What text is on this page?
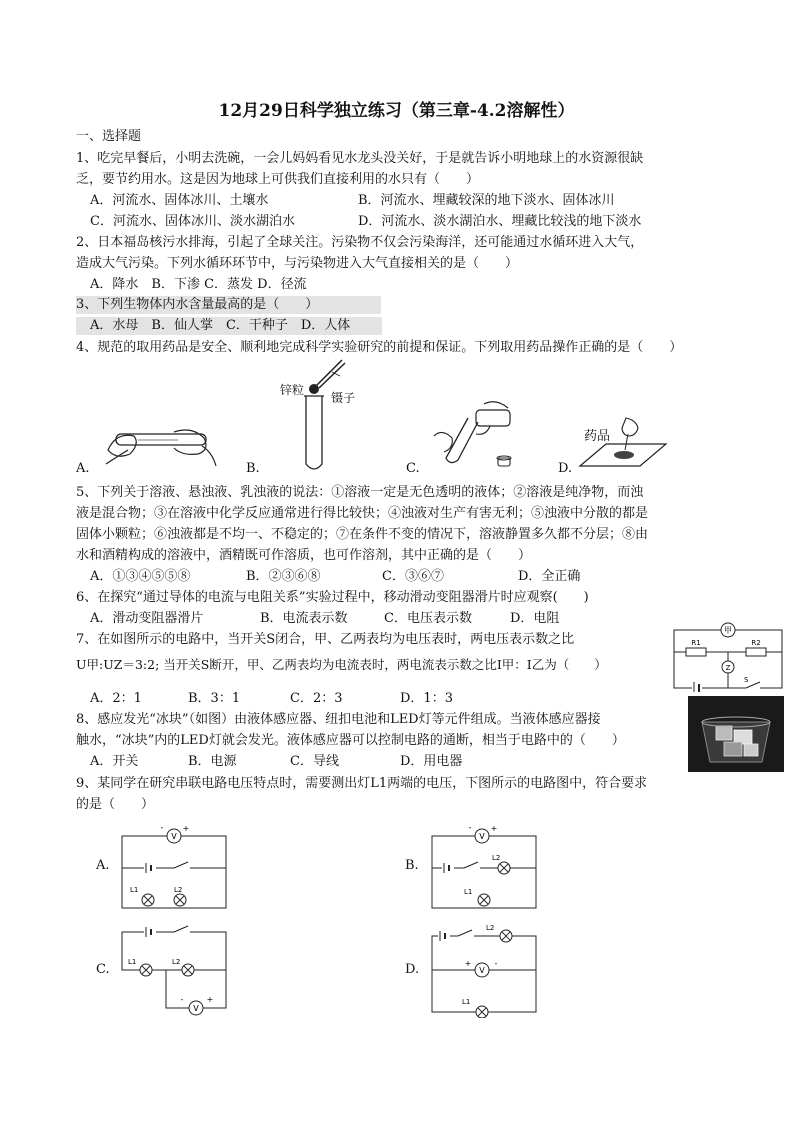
12月29日科学独立练习（第三章-4.2溶解性）
一、选择题
1、吃完早餐后，小明去洗碗，一会儿妈妈看见水龙头没关好，于是就告诉小明地球上的水资源很缺
乏，要节约用水。这是因为地球上可供我们直接利用的水只有（　　）
A．河流水、固体冰川、土壤水	B．河流水、埋藏较深的地下淡水、固体冰川
C．河流水、固体冰川、淡水湖泊水	D．河流水、淡水湖泊水、埋藏比较浅的地下淡水
2、日本福岛核污水排海，引起了全球关注。污染物不仅会污染海洋，还可能通过水循环进入大气，
造成大气污染。下列水循环环节中，与污染物进入大气直接相关的是（　　）
A．降水　B．下渗 C．蒸发 D．径流
3、下列生物体内水含量最高的是（　　）
A．水母　B．仙人掌　C．干种子　D．人体
4、规范的取用药品是安全、顺利地完成科学实验研究的前提和保证。下列取用药品操作正确的是（　　）
A.	B.	C.	D.
锌粒
镊子
药品
5、下列关于溶液、悬浊液、乳浊液的说法：①溶液一定是无色透明的液体；②溶液是纯净物，而浊
液是混合物；③在溶液中化学反应通常进行得比较快；④浊液对生产有害无利；⑤浊液中分散的都是
固体小颗粒；⑥浊液都是不均一、不稳定的；⑦在条件不变的情况下，溶液静置多久都不分层；⑧由
水和酒精构成的溶液中，酒精既可作溶质，也可作溶剂，其中正确的是（　　）
A．①③④⑤⑤⑧	B．②③⑥⑧	C．③⑥⑦	D．全正确
6、在探究“通过导体的电流与电阻关系”实验过程中，移动滑动变阻器滑片时应观察(　　)
A．滑动变阻器滑片	B．电流表示数	C．电压表示数	D．电阻
7、在如图所示的电路中，当开关S闭合，甲、乙两表均为电压表时，两电压表示数之比
U甲:UZ＝3:2; 当开关S断开，甲、乙两表均为电流表时，两电流表示数之比I甲：I乙为（　　）
A．2：1	B．3：1	C．2：3	D．1：3
甲
R1	R2
Z
S
8、感应发光“冰块”（如图）由液体感应器、纽扣电池和LED灯等元件组成。当液体感应器接
触水，“冰块”内的LED灯就会发光。液体感应器可以控制电路的通断，相当于电路中的（　　）
A．开关	B．电源	C．导线	D．用电器
9、某同学在研究串联电路电压特点时，需要测出灯L1两端的电压，下图所示的电路图中，符合要求
的是（　　）
A.	B.
C.	D.
V
- +
L1	L2
V
- +
L2
L1
L1	L2
V
-	+
L2
V
+	-
L1
